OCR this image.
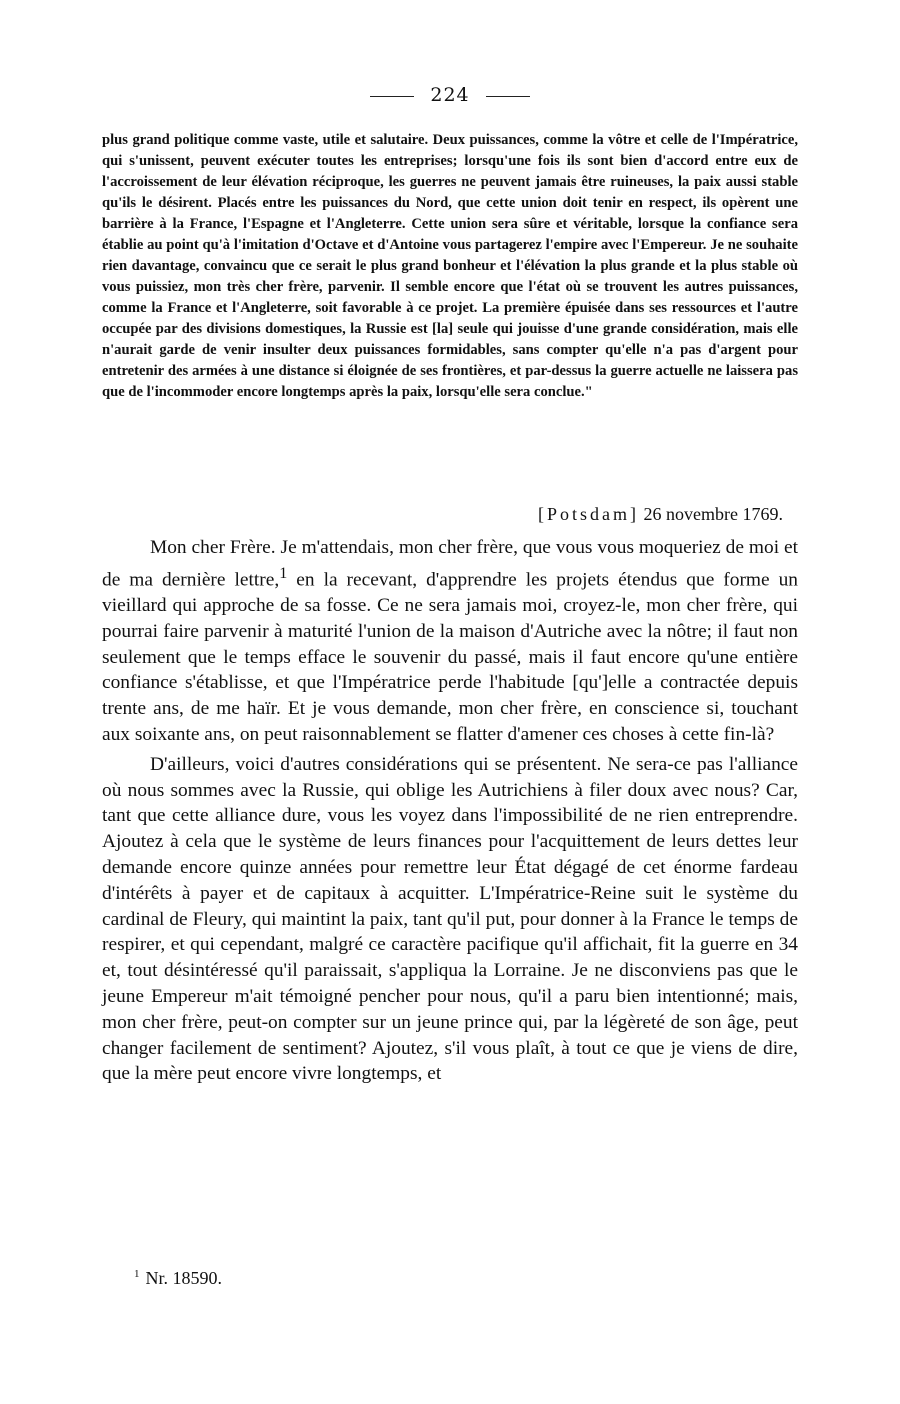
224
plus grand politique comme vaste, utile et salutaire. Deux puissances, comme la vôtre et celle de l'Impératrice, qui s'unissent, peuvent exécuter toutes les entreprises; lorsqu'une fois ils sont bien d'accord entre eux de l'accroissement de leur élévation réciproque, les guerres ne peuvent jamais être ruineuses, la paix aussi stable qu'ils le désirent. Placés entre les puissances du Nord, que cette union doit tenir en respect, ils opèrent une barrière à la France, l'Espagne et l'Angleterre. Cette union sera sûre et véritable, lorsque la confiance sera établie au point qu'à l'imitation d'Octave et d'Antoine vous partagerez l'empire avec l'Empereur. Je ne souhaite rien davantage, convaincu que ce serait le plus grand bonheur et l'élévation la plus grande et la plus stable où vous puissiez, mon très cher frère, parvenir. Il semble encore que l'état où se trouvent les autres puissances, comme la France et l'Angleterre, soit favorable à ce projet. La première épuisée dans ses ressources et l'autre occupée par des divisions domestiques, la Russie est [la] seule qui jouisse d'une grande considération, mais elle n'aurait garde de venir insulter deux puissances formidables, sans compter qu'elle n'a pas d'argent pour entretenir des armées à une distance si éloignée de ses frontières, et par-dessus la guerre actuelle ne laissera pas que de l'incommoder encore longtemps après la paix, lorsqu'elle sera conclue."
[Potsdam] 26 novembre 1769.

Mon cher Frère. Je m'attendais, mon cher frère, que vous vous moqueriez de moi et de ma dernière lettre,$^1$ en la recevant, d'apprendre les projets étendus que forme un vieillard qui approche de sa fosse. Ce ne sera jamais moi, croyez-le, mon cher frère, qui pourrai faire parvenir à maturité l'union de la maison d'Autriche avec la nôtre; il faut non seulement que le temps efface le souvenir du passé, mais il faut encore qu'une entière confiance s'établisse, et que l'Impératrice perde l'habitude [qu']elle a contractée depuis trente ans, de me haïr. Et je vous demande, mon cher frère, en conscience si, touchant aux soixante ans, on peut raisonnablement se flatter d'amener ces choses à cette fin-là?

D'ailleurs, voici d'autres considérations qui se présentent. Ne sera-ce pas l'alliance où nous sommes avec la Russie, qui oblige les Autrichiens à filer doux avec nous? Car, tant que cette alliance dure, vous les voyez dans l'impossibilité de ne rien entreprendre. Ajoutez à cela que le système de leurs finances pour l'acquittement de leurs dettes leur demande encore quinze années pour remettre leur État dégagé de cet énorme fardeau d'intérêts à payer et de capitaux à acquitter. L'Impératrice-Reine suit le système du cardinal de Fleury, qui maintint la paix, tant qu'il put, pour donner à la France le temps de respirer, et qui cependant, malgré ce caractère pacifique qu'il affichait, fit la guerre en 34 et, tout désintéressé qu'il paraissait, s'appliqua la Lorraine. Je ne disconviens pas que le jeune Empereur m'ait témoigné pencher pour nous, qu'il a paru bien intentionné; mais, mon cher frère, peut-on compter sur un jeune prince qui, par la légèreté de son âge, peut changer facilement de sentiment? Ajoutez, s'il vous plaît, à tout ce que je viens de dire, que la mère peut encore vivre longtemps, et

$^1$ Nr. 18590.
